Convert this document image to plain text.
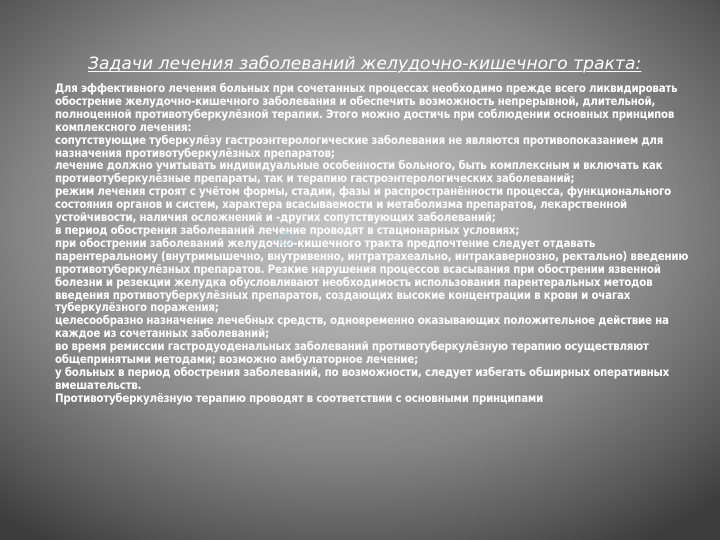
Задачи лечения заболеваний желудочно-кишечного тракта:

Для эффективного лечения больных при сочетанных процессах необходимо прежде всего ликвидировать обострение желудочно-кишечного заболевания и обеспечить возможность непрерывной, длительной, полноценной противотуберкулёзной терапии. Этого можно достичь при соблюдении основных принципов комплексного лечения:

сопутствующие туберкулёзу гастроэнтерологические заболевания не являются противопоказанием для назначения противотуберкулёзных препаратов;

лечение должно учитывать индивидуальные особенности больного, быть комплексным и включать как противотуберкулёзные препараты, так и терапию гастроэнтерологических заболеваний;

режим лечения строят с учётом формы, стадии, фазы и распространённости процесса, функционального состояния органов и систем, характера всасываемости и метаболизма препаратов, лекарственной устойчивости, наличия осложнений и -других сопутствующих заболеваний;

в период обострения заболеваний лечение проводят в стационарных условиях;

при обострении заболеваний желудочно-кишечного тракта предпочтение следует отдавать парентеральному (внутримышечно, внутривенно, интратрахеально, интракавернозно, ректально) введению противотуберкулёзных препаратов. Резкие нарушения процессов всасывания при обострении язвенной болезни и резекции желудка обусловливают необходимость использования парентеральных методов введения противотуберкулёзных препаратов, создающих высокие концентрации в крови и очагах туберкулёзного поражения;

целесообразно назначение лечебных средств, одновременно оказывающих положительное действие на каждое из сочетанных заболеваний;

во время ремиссии гастродуоденальных заболеваний противотуберкулёзную терапию осуществляют общепринятыми методами; возможно амбулаторное лечение;

у больных в период обострения заболеваний, по возможности, следует избегать обширных оперативных вмешательств.

Противотуберкулёзную терапию проводят в соответствии с основными принципами
